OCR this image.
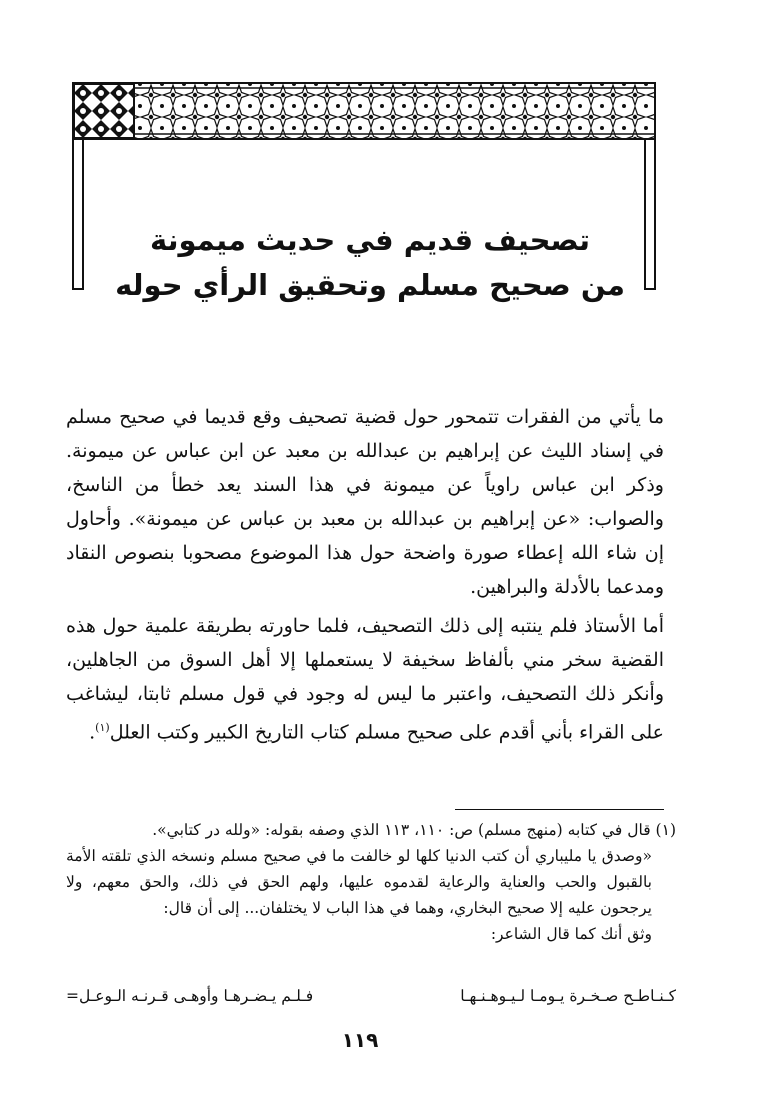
تصحيف قديم في حديث ميمونة
من صحيح مسلم وتحقيق الرأي حوله
ما يأتي من الفقرات تتمحور حول قضية تصحيف وقع قديما في صحيح مسلم في إسناد الليث عن إبراهيم بن عبدالله بن معبد عن ابن عباس عن ميمونة. وذكر ابن عباس راوياً عن ميمونة في هذا السند يعد خطأ من الناسخ، والصواب: «عن إبراهيم بن عبدالله بن معبد بن عباس عن ميمونة». وأحاول إن شاء الله إعطاء صورة واضحة حول هذا الموضوع مصحوبا بنصوص النقاد ومدعما بالأدلة والبراهين.
أما الأستاذ فلم ينتبه إلى ذلك التصحيف، فلما حاورته بطريقة علمية حول هذه القضية سخر مني بألفاظ سخيفة لا يستعملها إلا أهل السوق من الجاهلين، وأنكر ذلك التصحيف، واعتبر ما ليس له وجود في قول مسلم ثابتا، ليشاغب على القراء بأني أقدم على صحيح مسلم كتاب التاريخ الكبير وكتب العلل$^{(١)}$.
(١) قال في كتابه (منهج مسلم) ص: ١١٠، ١١٣ الذي وصفه بقوله: «ولله در كتابي».
«وصدق يا مليباري أن كتب الدنيا كلها لو خالفت ما في صحيح مسلم ونسخه الذي تلقته الأمة بالقبول والحب والعناية والرعاية لقدموه عليها، ولهم الحق في ذلك، والحق معهم، ولا يرجحون عليه إلا صحيح البخاري، وهما في هذا الباب لا يختلفان... إلى أن قال:
وثق أنك كما قال الشاعر:
كـنـاطـح صـخـرة يـومـا لـيـوهـنـهـا
فـلـم يـضـرهـا وأوهـى قـرنـه الـوعـل=
١١٩
